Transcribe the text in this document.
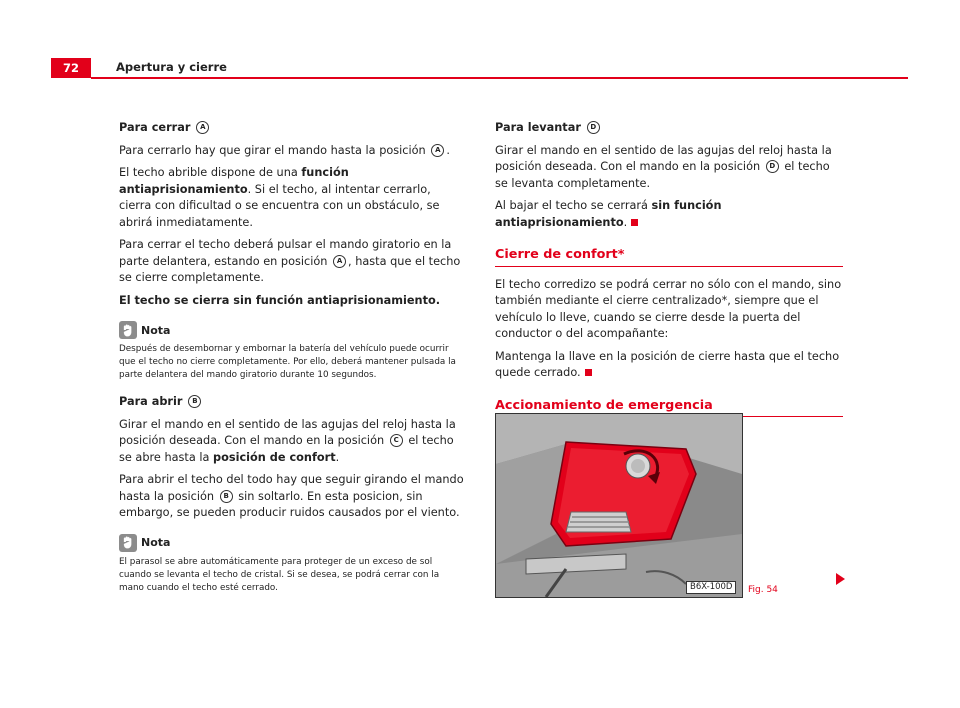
72	Apertura y cierre
Para cerrar A

Para cerrarlo hay que girar el mando hasta la posición A .

El techo abrible dispone de una función antiaprisionamiento. Si el techo, al intentar cerrarlo, cierra con dificultad o se encuentra con un obstáculo, se abrirá inmediatamente.

Para cerrar el techo deberá pulsar el mando giratorio en la parte delantera, estando en posición A , hasta que el techo se cierre completamente.

El techo se cierra sin función antiaprisionamiento.

Nota

Después de desembornar y embornar la batería del vehículo puede ocurrir que el techo no cierre completamente. Por ello, deberá mantener pulsada la parte delantera del mando giratorio durante 10 segundos.

Para abrir B

Girar el mando en el sentido de las agujas del reloj hasta la posición deseada. Con el mando en la posición C el techo se abre hasta la posición de confort.

Para abrir el techo del todo hay que seguir girando el mando hasta la posición B sin soltarlo. En esta posicion, sin embargo, se pueden producir ruidos causados por el viento.

Nota

El parasol se abre automáticamente para proteger de un exceso de sol cuando se levanta el techo de cristal. Si se desea, se podrá cerrar con la mano cuando el techo esté cerrado.

Para levantar D

Girar el mando en el sentido de las agujas del reloj hasta la posición deseada. Con el mando en la posición D el techo se levanta completamente.

Al bajar el techo se cerrará sin función antiaprisionamiento.

Cierre de confort*

El techo corredizo se podrá cerrar no sólo con el mando, sino también mediante el cierre centralizado*, siempre que el vehículo lo lleve, cuando se cierre desde la puerta del conductor o del acompañante:

Mantenga la llave en la posición de cierre hasta que el techo quede cerrado.

Accionamiento de emergencia
B6X-100D	Fig. 54
